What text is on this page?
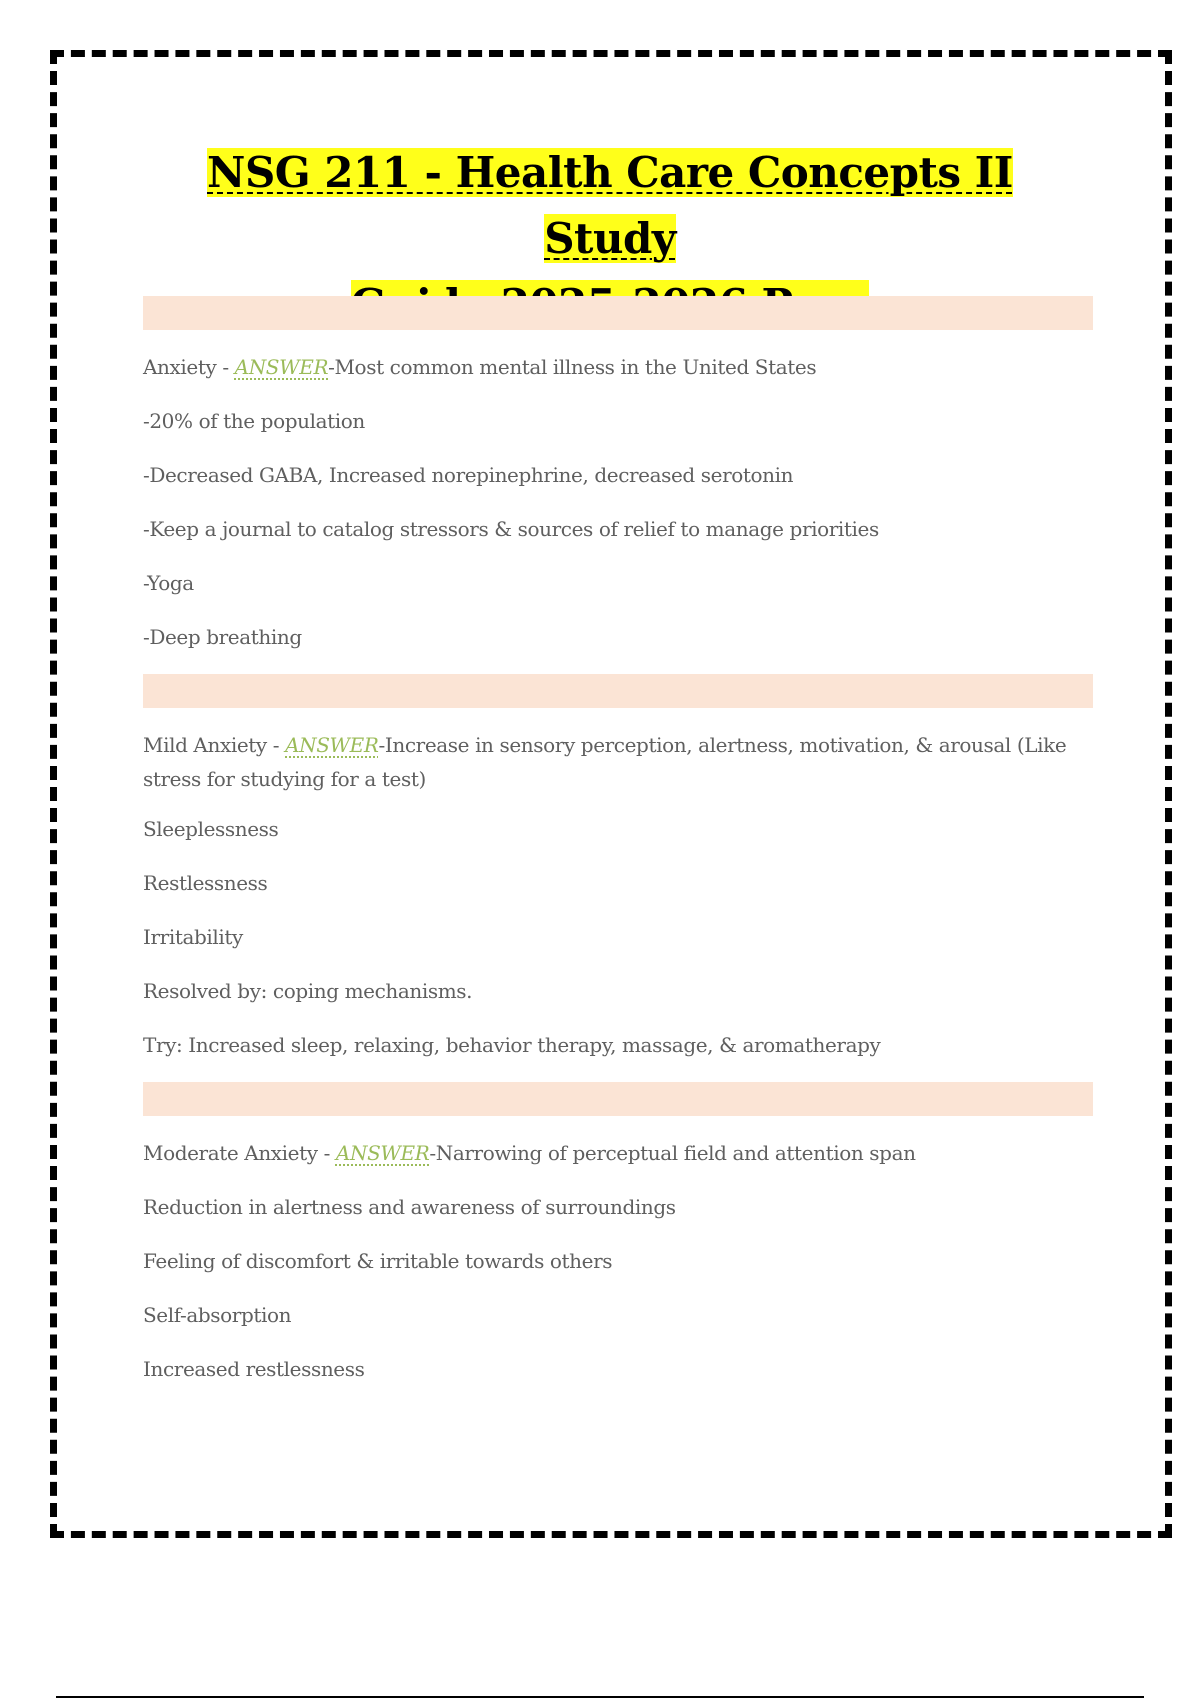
NSG 211 - Health Care Concepts II Study

Anxiety - ANSWER-Most common mental illness in the United States
-20% of the population
-Decreased GABA, Increased norepinephrine, decreased serotonin
-Keep a journal to catalog stressors & sources of relief to manage priorities
-Yoga
-Deep breathing
Mild Anxiety - ANSWER-Increase in sensory perception, alertness, motivation, & arousal (Like stress for studying for a test)
Sleeplessness
Restlessness
Irritability
Resolved by: coping mechanisms.
Try: Increased sleep, relaxing, behavior therapy, massage, & aromatherapy
Moderate Anxiety - ANSWER-Narrowing of perceptual field and attention span
Reduction in alertness and awareness of surroundings
Feeling of discomfort & irritable towards others
Self-absorption
Increased restlessness
